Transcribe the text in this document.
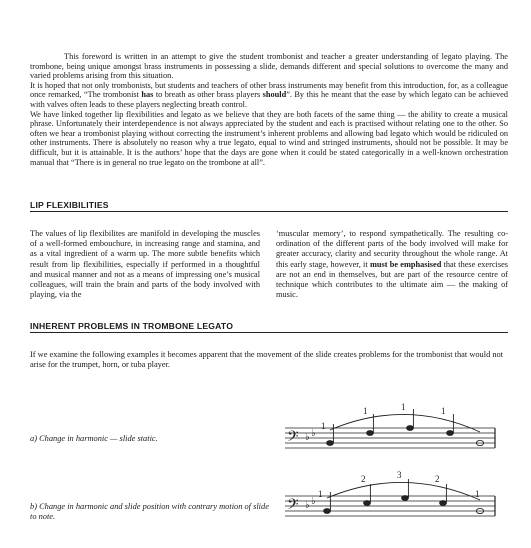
This foreword is written in an attempt to give the student trombonist and teacher a greater understanding of legato playing. The trombone, being unique amongst brass instruments in possessing a slide, demands different and special solutions to overcome the many and varied problems arising from this situation.

It is hoped that not only trombonists, but students and teachers of other brass instruments may benefit from this introduction, for, as a colleague once remarked, “The trombonist has to breath as other brass players should”. By this he meant that the ease by which legato can be achieved with valves often leads to these players neglecting breath control.

We have linked together lip flexibilities and legato as we believe that they are both facets of the same thing — the ability to create a musical phrase. Unfortunately their interdependence is not always appreciated by the student and each is practised without relating one to the other. So often we hear a trombonist playing without correcting the instrument’s inherent problems and allowing bad legato which would be ridiculed on other instruments. There is absolutely no reason why a true legato, equal to wind and stringed instruments, should not be possible. It may be difficult, but it is attainable. It is the authors’ hope that the days are gone when it could be stated categorically in a well-known orchestration manual that “There is in general no true legato on the trombone at all”.

LIP FLEXIBILITIES

The values of lip flexibilites are manifold in developing the muscles of a well-formed embouchure, in increasing range and stamina, and as a vital ingredient of a warm up. The more subtle benefits which result from lip flexibilities, especially if performed in a thoughtful and musical manner and not as a means of impressing one’s musical colleagues, will train the brain and parts of the body involved with playing, via the

‘muscular memory’, to respond sympathetically. The resulting co-ordination of the different parts of the body involved will make for greater accuracy, clarity and security throughout the whole range. At this early stage, however, it must be emphasised that these exercises are not an end in themselves, but are part of the resource centre of technique which contributes to the ultimate aim — the making of music.

INHERENT PROBLEMS IN TROMBONE LEGATO

If we examine the following examples it becomes apparent that the movement of the slide creates problems for the trombonist that would not arise for the trumpet, horn, or tuba player.

a) Change in harmonic — slide static.	𝄢 ♭ ♭
1
1	1	1

b) Change in harmonic and slide position with contrary motion of slide to note.	𝄢 ♭ ♭
1
2	3	2
1
